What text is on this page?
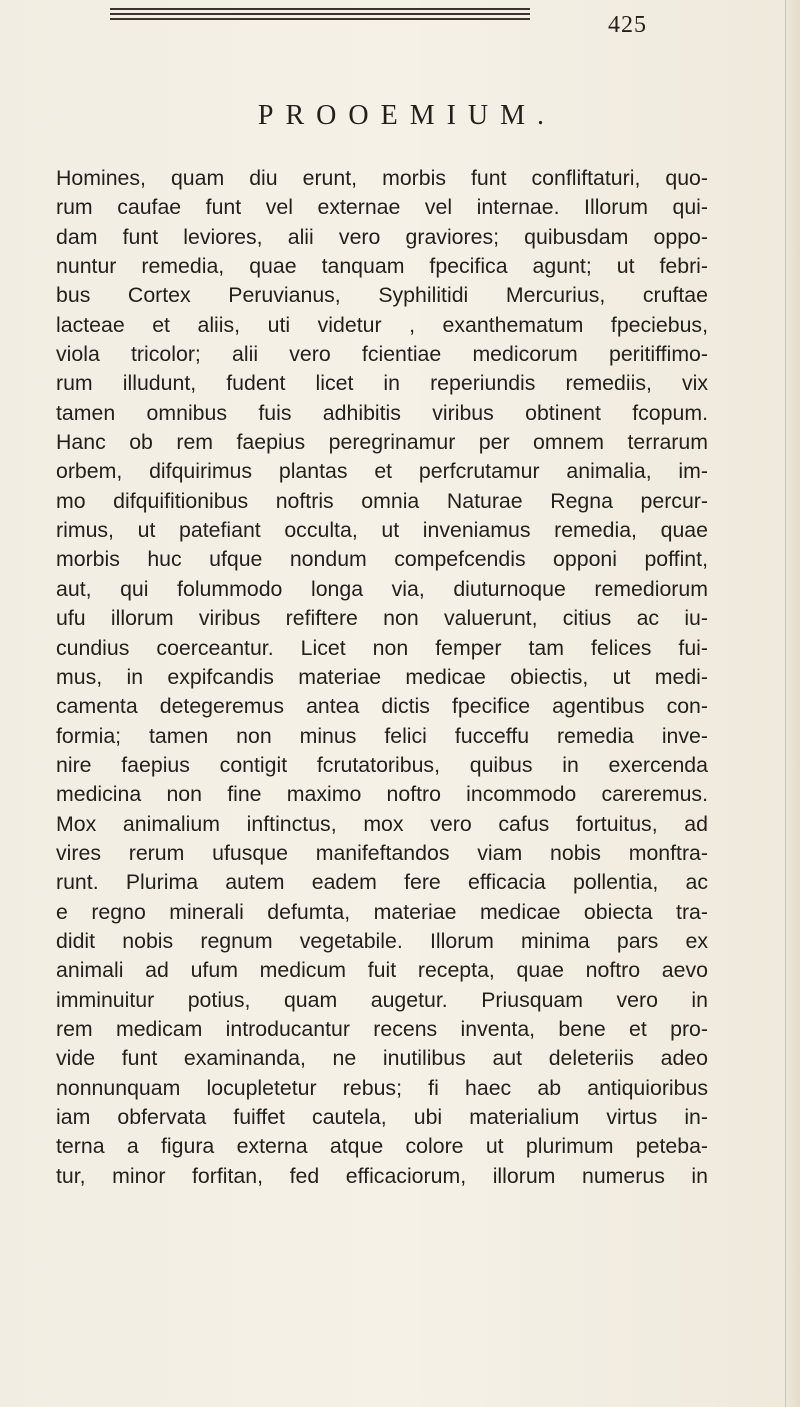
425
PROOEMIUM.
Homines, quam diu erunt, morbis funt confliftaturi, quo-
rum caufae funt vel externae vel internae. Illorum qui-
dam funt leviores, alii vero graviores; quibusdam oppo-
nuntur remedia, quae tanquam fpecifica agunt; ut febri-
bus Cortex Peruvianus, Syphilitidi Mercurius, cruftae
lacteae et aliis, uti videtur , exanthematum fpeciebus,
viola tricolor; alii vero fcientiae medicorum peritiffimo-
rum illudunt, fudent licet in reperiundis remediis, vix
tamen omnibus fuis adhibitis viribus obtinent fcopum.
Hanc ob rem faepius peregrinamur per omnem terrarum
orbem, difquirimus plantas et perfcrutamur animalia, im-
mo difquifitionibus noftris omnia Naturae Regna percur-
rimus, ut patefiant occulta, ut inveniamus remedia, quae
morbis huc ufque nondum compefcendis opponi poffint,
aut, qui folummodo longa via, diuturnoque remediorum
ufu illorum viribus refiftere non valuerunt, citius ac iu-
cundius coerceantur. Licet non femper tam felices fui-
mus, in expifcandis materiae medicae obiectis, ut medi-
camenta detegeremus antea dictis fpecifice agentibus con-
formia; tamen non minus felici fucceffu remedia inve-
nire faepius contigit fcrutatoribus, quibus in exercenda
medicina non fine maximo noftro incommodo careremus.
Mox animalium inftinctus, mox vero cafus fortuitus, ad
vires rerum ufusque manifeftandos viam nobis monftra-
runt. Plurima autem eadem fere efficacia pollentia, ac
e regno minerali defumta, materiae medicae obiecta tra-
didit nobis regnum vegetabile. Illorum minima pars ex
animali ad ufum medicum fuit recepta, quae noftro aevo
imminuitur potius, quam augetur. Priusquam vero in
rem medicam introducantur recens inventa, bene et pro-
vide funt examinanda, ne inutilibus aut deleteriis adeo
nonnunquam locupletetur rebus; fi haec ab antiquioribus
iam obfervata fuiffet cautela, ubi materialium virtus in-
terna a figura externa atque colore ut plurimum peteba-
tur, minor forfitan, fed efficaciorum, illorum numerus in
